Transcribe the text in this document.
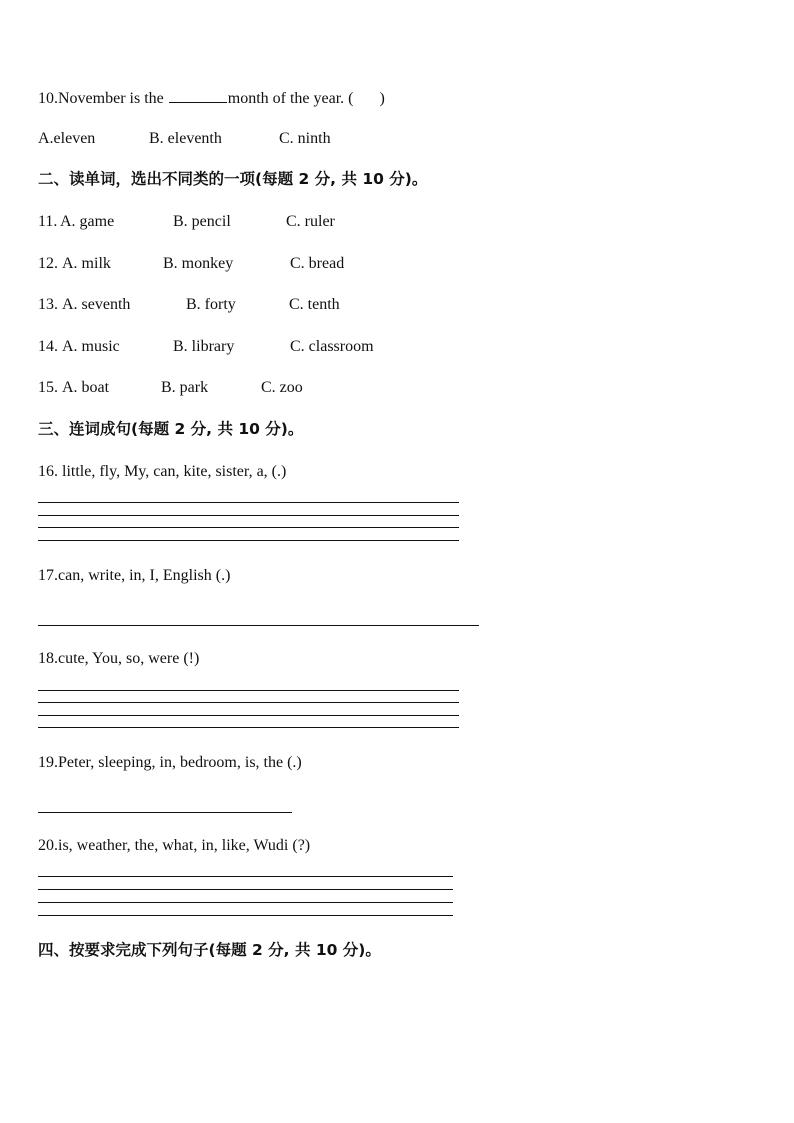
10.November is the	month of the year. ( )
A.eleven	B. eleventh	C. ninth
二、读单词，选出不同类的一项(每题 2 分, 共 10 分)。
11. A. game	B. pencil	C. ruler
12. A. milk	B. monkey	C. bread
13. A. seventh	B. forty	C. tenth
14. A. music	B. library	C. classroom
15. A. boat	B. park	C. zoo
三、连词成句(每题 2 分, 共 10 分)。
16. little, fly, My, can, kite, sister, a, (.)
17.can, write, in, I, English (.)
18.cute, You, so, were (!)
19.Peter, sleeping, in, bedroom, is, the (.)
20.is, weather, the, what, in, like, Wudi (?)
四、按要求完成下列句子(每题 2 分, 共 10 分)。
